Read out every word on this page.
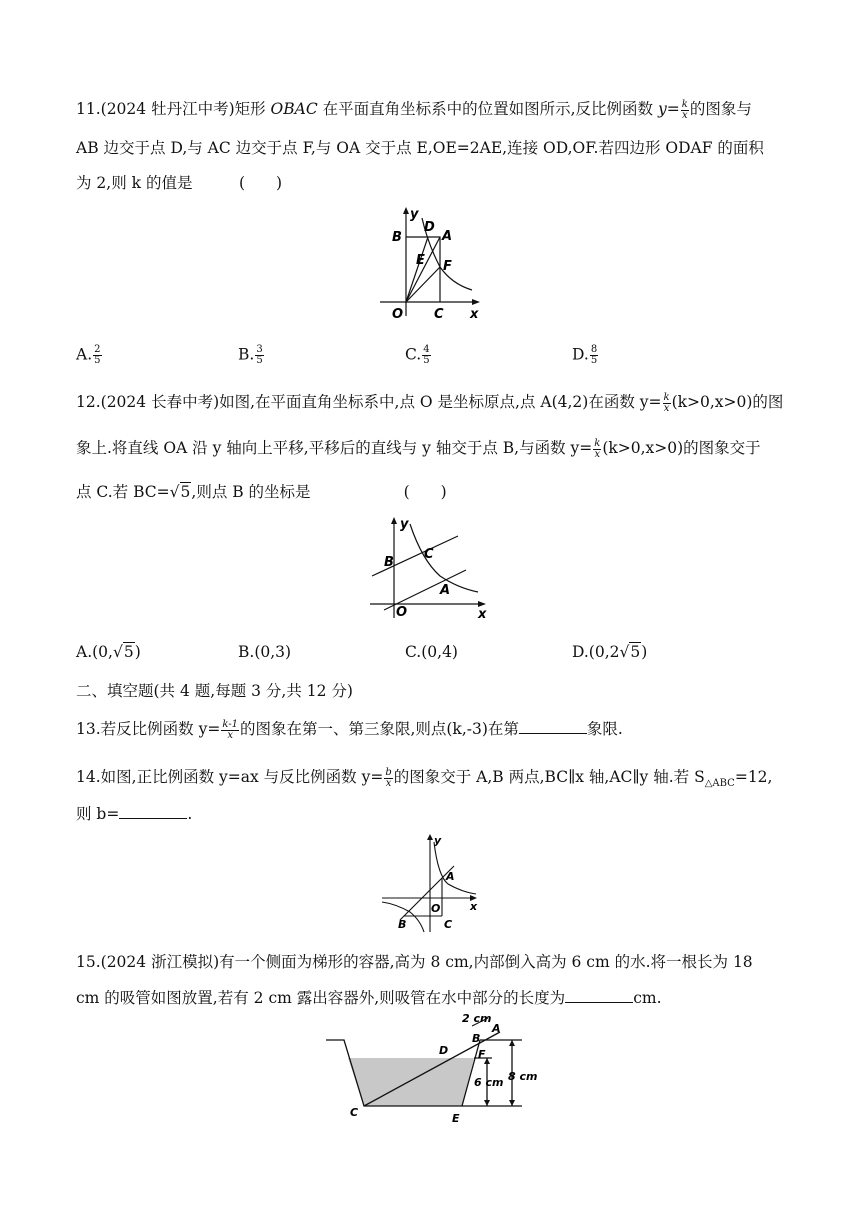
11.(2024 牡丹江中考)矩形 OBAC 在平面直角坐标系中的位置如图所示,反比例函数 $y= \frac{k}{x}$ 的图象与
AB 边交于点 D,与 AC 边交于点 F,与 OA 交于点 E,OE=2AE,连接 OD,OF.若四边形 ODAF 的面积
为 2,则 k 的值是　　　(　　)
y
x
O
B
D
A
E F
C
A. $\frac{2}{5}$	B. $\frac{3}{5}$	C. $\frac{4}{5}$	D. $\frac{8}{5}$
12.(2024 长春中考)如图,在平面直角坐标系中,点 O 是坐标原点,点 A(4,2)在函数 $y= \frac{k}{x} (k>0,x>0)$的图
象上.将直线 OA 沿 y 轴向上平移,平移后的直线与 y 轴交于点 B,与函数 $y= \frac{k}{x} (k>0,x>0)$的图象交于
点 C.若 BC=√5,则点 B 的坐标是　　　　　　(　　)
y
x
O
B
C
A
A.(0,√5)	B.(0,3)	C.(0,4)	D.(0,2√5)
二、填空题(共 4 题,每题 3 分,共 12 分)
13.若反比例函数 $y= \frac{k-1}{x}$ 的图象在第一、第三象限,则点(k,-3)在第	象限.
14.如图,正比例函数 y=ax 与反比例函数 $y= \frac{b}{x}$ 的图象交于 A,B 两点,BC∥x 轴,AC∥y 轴.若 $S_{\triangle ABC}=12$,
则 b=	.
y
x
O
A
B	C
15.(2024 浙江模拟)有一个侧面为梯形的容器,高为 8 cm,内部倒入高为 6 cm 的水.将一根长为 18
cm 的吸管如图放置,若有 2 cm 露出容器外,则吸管在水中部分的长度为	cm.
2 cm
A
B
D	F
C	E
6 cm 8 cm
